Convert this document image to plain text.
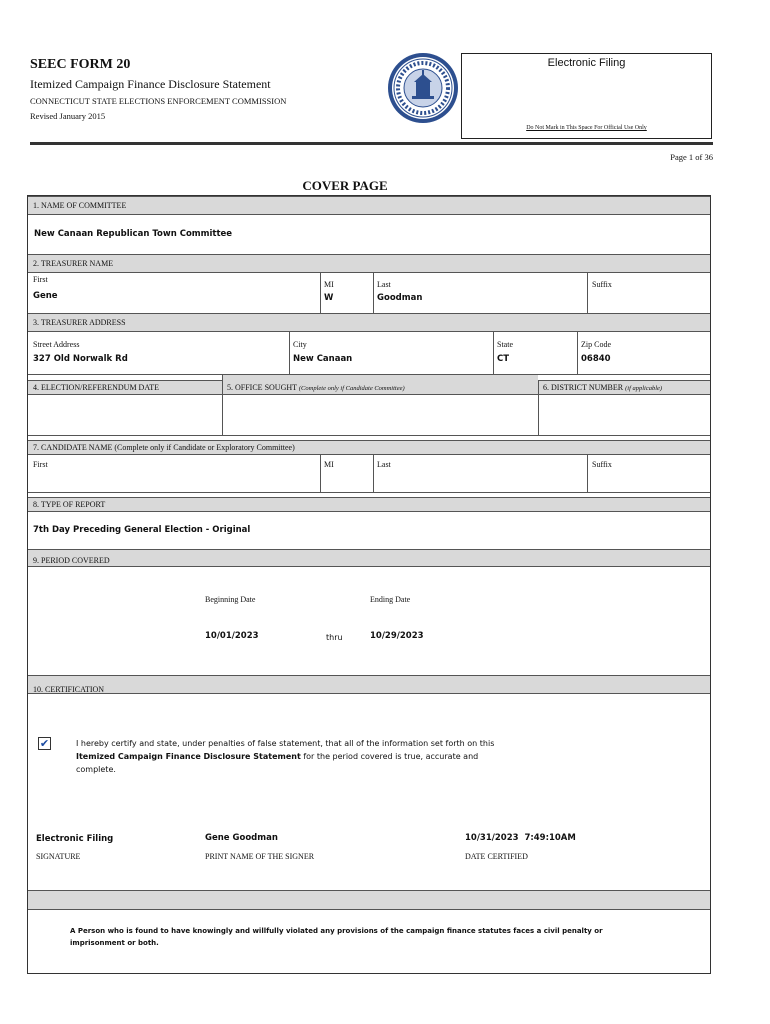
SEEC FORM 20
Itemized Campaign Finance Disclosure Statement
CONNECTICUT STATE ELECTIONS ENFORCEMENT COMMISSION
Revised January 2015
Electronic Filing
Do Not Mark in This Space For Official Use Only
Page 1 of 36
COVER PAGE
1. NAME OF COMMITTEE
New Canaan Republican Town Committee
2. TREASURER NAME
First
Gene
MI
W
Last
Goodman
Suffix
3. TREASURER ADDRESS
Street Address
327 Old Norwalk Rd
City
New Canaan
State
CT
Zip Code
06840
4. ELECTION/REFERENDUM DATE	5. OFFICE SOUGHT (Complete only if Candidate Committee)	6. DISTRICT NUMBER (if applicable)
7. CANDIDATE NAME (Complete only if Candidate or Exploratory Committee)
First	MI	Last	Suffix
8. TYPE OF REPORT
7th Day Preceding General Election - Original
9. PERIOD COVERED
Beginning Date	Ending Date
10/01/2023	thru	10/29/2023
10. CERTIFICATION
✔	I hereby certify and state, under penalties of false statement, that all of the information set forth on this Itemized Campaign Finance Disclosure Statement for the period covered is true, accurate and complete.
Electronic Filing
SIGNATURE
Gene Goodman
PRINT NAME OF THE SIGNER
10/31/2023  7:49:10AM
DATE CERTIFIED
A Person who is found to have knowingly and willfully violated any provisions of the campaign finance statutes faces a civil penalty or imprisonment or both.
